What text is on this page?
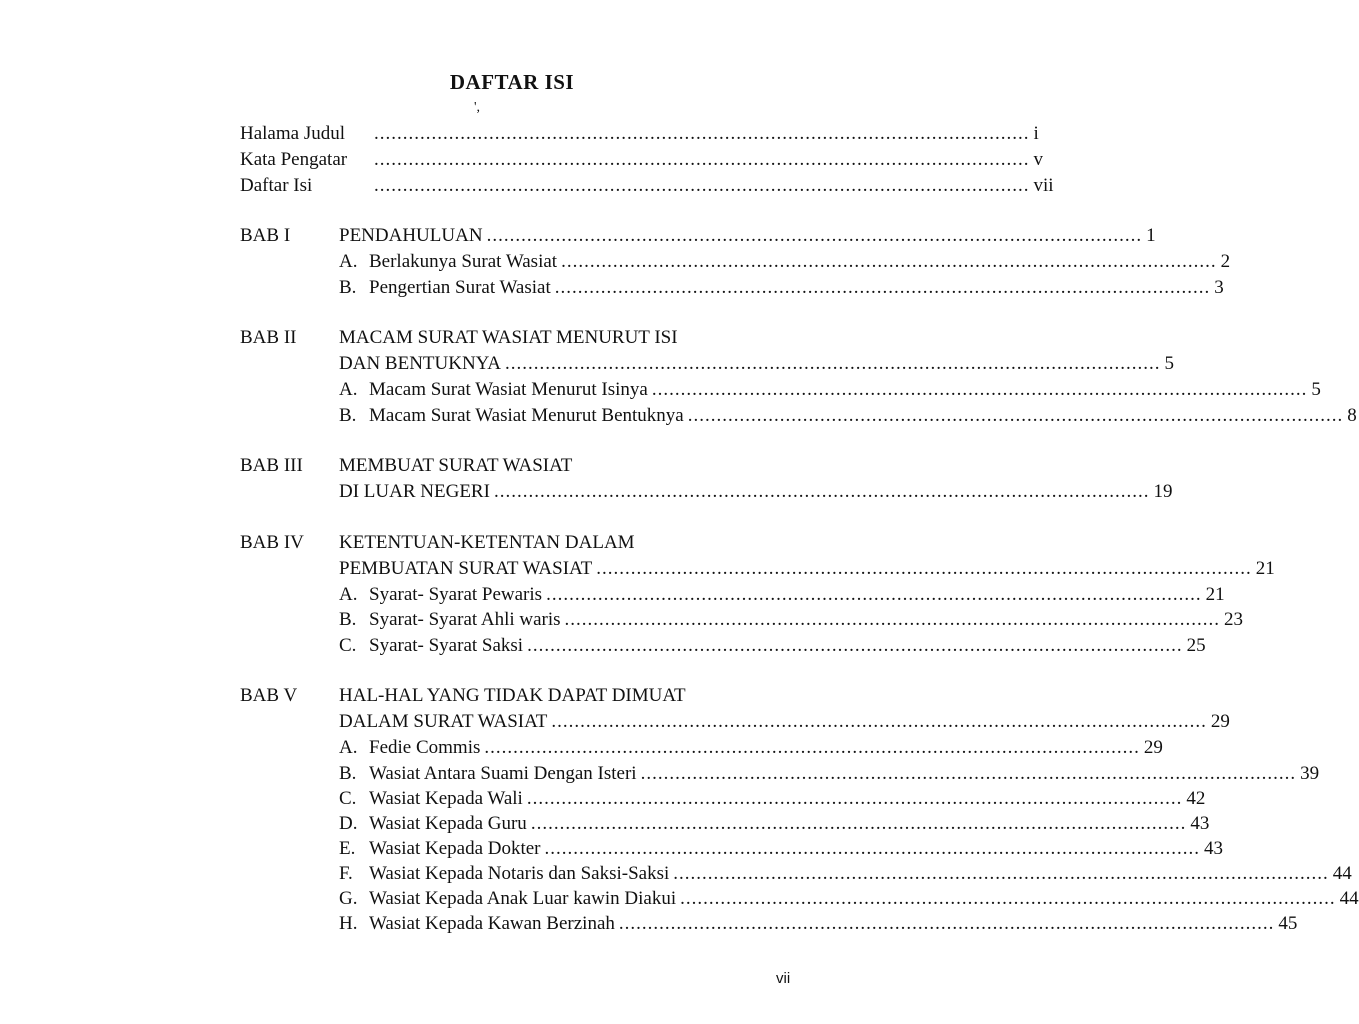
DAFTAR ISI
',
Halama Judul	.................................................................................................................. i
Kata Pengatar	.................................................................................................................. v
Daftar Isi	.................................................................................................................. vii
BAB I	PENDAHULUAN .................................................................................................................. 1
A. Berlakunya Surat Wasiat .................................................................................................................. 2
B. Pengertian Surat Wasiat .................................................................................................................. 3
BAB II MACAM SURAT WASIAT MENURUT ISI
DAN BENTUKNYA .................................................................................................................. 5
A. Macam Surat Wasiat Menurut Isinya .................................................................................................................. 5
B. Macam Surat Wasiat Menurut Bentuknya .................................................................................................................. 8
BAB III MEMBUAT SURAT WASIAT
DI LUAR NEGERI .................................................................................................................. 19
BAB IV KETENTUAN-KETENTAN DALAM
PEMBUATAN SURAT WASIAT .................................................................................................................. 21
A. Syarat- Syarat Pewaris .................................................................................................................. 21
B. Syarat- Syarat Ahli waris .................................................................................................................. 23
C. Syarat- Syarat Saksi .................................................................................................................. 25
BAB V HAL-HAL YANG TIDAK DAPAT DIMUAT
DALAM SURAT WASIAT .................................................................................................................. 29
A. Fedie Commis .................................................................................................................. 29
B. Wasiat Antara Suami Dengan Isteri .................................................................................................................. 39
C. Wasiat Kepada Wali .................................................................................................................. 42
D. Wasiat Kepada Guru .................................................................................................................. 43
E. Wasiat Kepada Dokter .................................................................................................................. 43
F. Wasiat Kepada Notaris dan Saksi-Saksi .................................................................................................................. 44
G. Wasiat Kepada Anak Luar kawin Diakui .................................................................................................................. 44
H. Wasiat Kepada Kawan Berzinah .................................................................................................................. 45
vii
